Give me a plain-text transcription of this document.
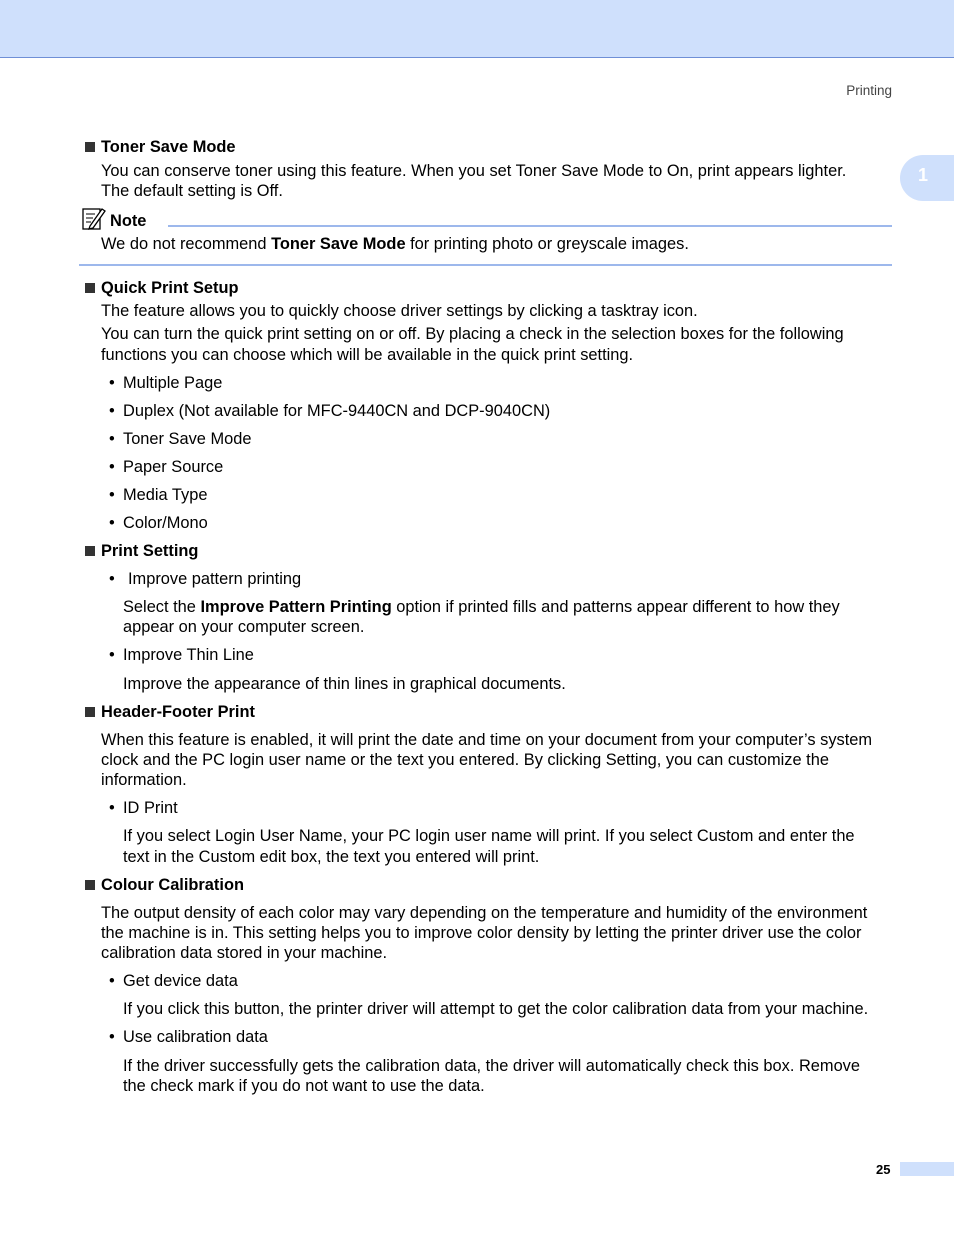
Printing
1

Toner Save Mode

You can conserve toner using this feature. When you set Toner Save Mode to On, print appears lighter.

The default setting is Off.

Note

We do not recommend Toner Save Mode for printing photo or greyscale images.

Quick Print Setup

The feature allows you to quickly choose driver settings by clicking a tasktray icon.

You can turn the quick print setting on or off. By placing a check in the selection boxes for the following

functions you can choose which will be available in the quick print setting.

• Multiple Page

• Duplex (Not available for MFC-9440CN and DCP-9040CN)

• Toner Save Mode

• Paper Source

• Media Type

• Color/Mono

Print Setting

• Improve pattern printing

Select the Improve Pattern Printing option if printed fills and patterns appear different to how they

appear on your computer screen.

• Improve Thin Line

Improve the appearance of thin lines in graphical documents.

Header-Footer Print

When this feature is enabled, it will print the date and time on your document from your computer’s system

clock and the PC login user name or the text you entered. By clicking Setting, you can customize the

information.

• ID Print

If you select Login User Name, your PC login user name will print. If you select Custom and enter the

text in the Custom edit box, the text you entered will print.

Colour Calibration

The output density of each color may vary depending on the temperature and humidity of the environment

the machine is in. This setting helps you to improve color density by letting the printer driver use the color

calibration data stored in your machine.

• Get device data

If you click this button, the printer driver will attempt to get the color calibration data from your machine.

• Use calibration data

If the driver successfully gets the calibration data, the driver will automatically check this box. Remove

the check mark if you do not want to use the data.

25
